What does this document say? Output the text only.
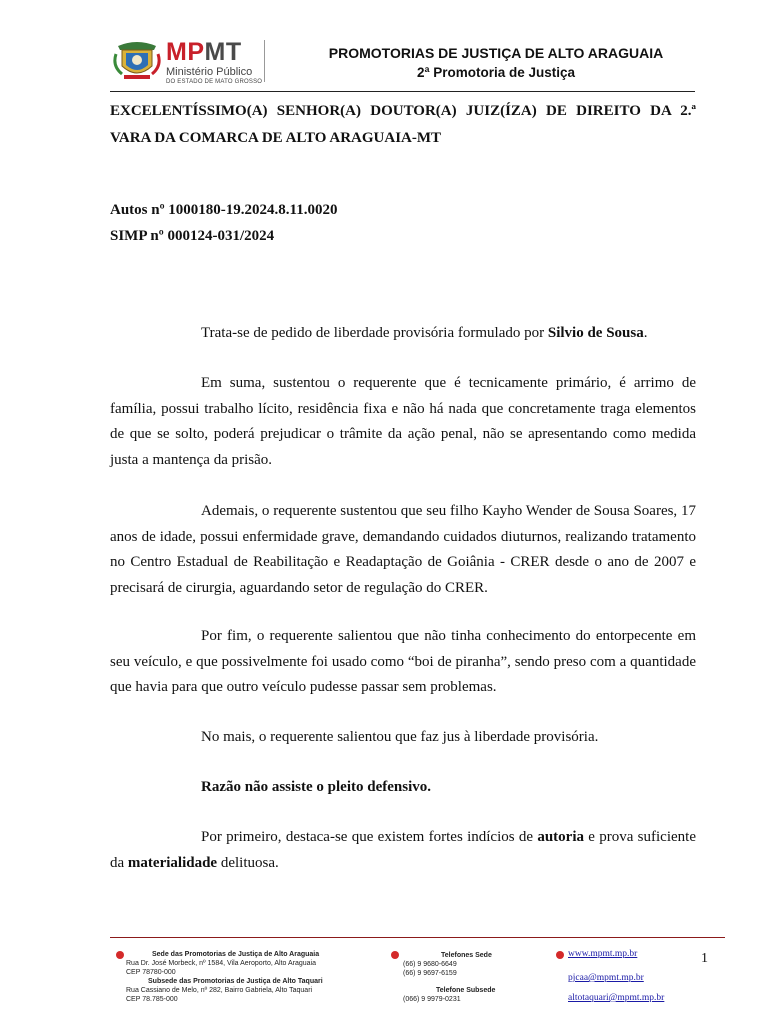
MPMT
Ministério Público
DO ESTADO DE MATO GROSSO
PROMOTORIAS DE JUSTIÇA DE ALTO ARAGUAIA
2ª Promotoria de Justiça
EXCELENTÍSSIMO(A) SENHOR(A) DOUTOR(A) JUIZ(ÍZA) DE DIREITO DA 2.ª VARA DA COMARCA DE ALTO ARAGUAIA-MT
Autos nº 1000180-19.2024.8.11.0020
SIMP nº 000124-031/2024
Trata-se de pedido de liberdade provisória formulado por Silvio de Sousa.
Em suma, sustentou o requerente que é tecnicamente primário, é arrimo de família, possui trabalho lícito, residência fixa e não há nada que concretamente traga elementos de que se solto, poderá prejudicar o trâmite da ação penal, não se apresentando como medida justa a mantença da prisão.
Ademais, o requerente sustentou que seu filho Kayho Wender de Sousa Soares, 17 anos de idade, possui enfermidade grave, demandando cuidados diuturnos, realizando tratamento no Centro Estadual de Reabilitação e Readaptação de Goiânia - CRER desde o ano de 2007 e precisará de cirurgia, aguardando setor de regulação do CRER.
Por fim, o requerente salientou que não tinha conhecimento do entorpecente em seu veículo, e que possivelmente foi usado como “boi de piranha”, sendo preso com a quantidade que havia para que outro veículo pudesse passar sem problemas.
No mais, o requerente salientou que faz jus à liberdade provisória.
Razão não assiste o pleito defensivo.
Por primeiro, destaca-se que existem fortes indícios de autoria e prova suficiente da materialidade delituosa.
Sede das Promotorias de Justiça de Alto Araguaia
Rua Dr. José Morbeck, nº 1584, Vila Aeroporto, Alto Araguaia
CEP 78780-000
Subsede das Promotorias de Justiça de Alto Taquari
Rua Cassiano de Melo, nº 282, Bairro Gabriela, Alto Taquari
CEP 78.785-000
Telefones Sede
(66) 9 9680-6649
(66) 9 9697-6159
Telefone Subsede
(066) 9 9979-0231
www.mpmt.mp.br
pjcaa@mpmt.mp.br
altotaquari@mpmt.mp.br
1
